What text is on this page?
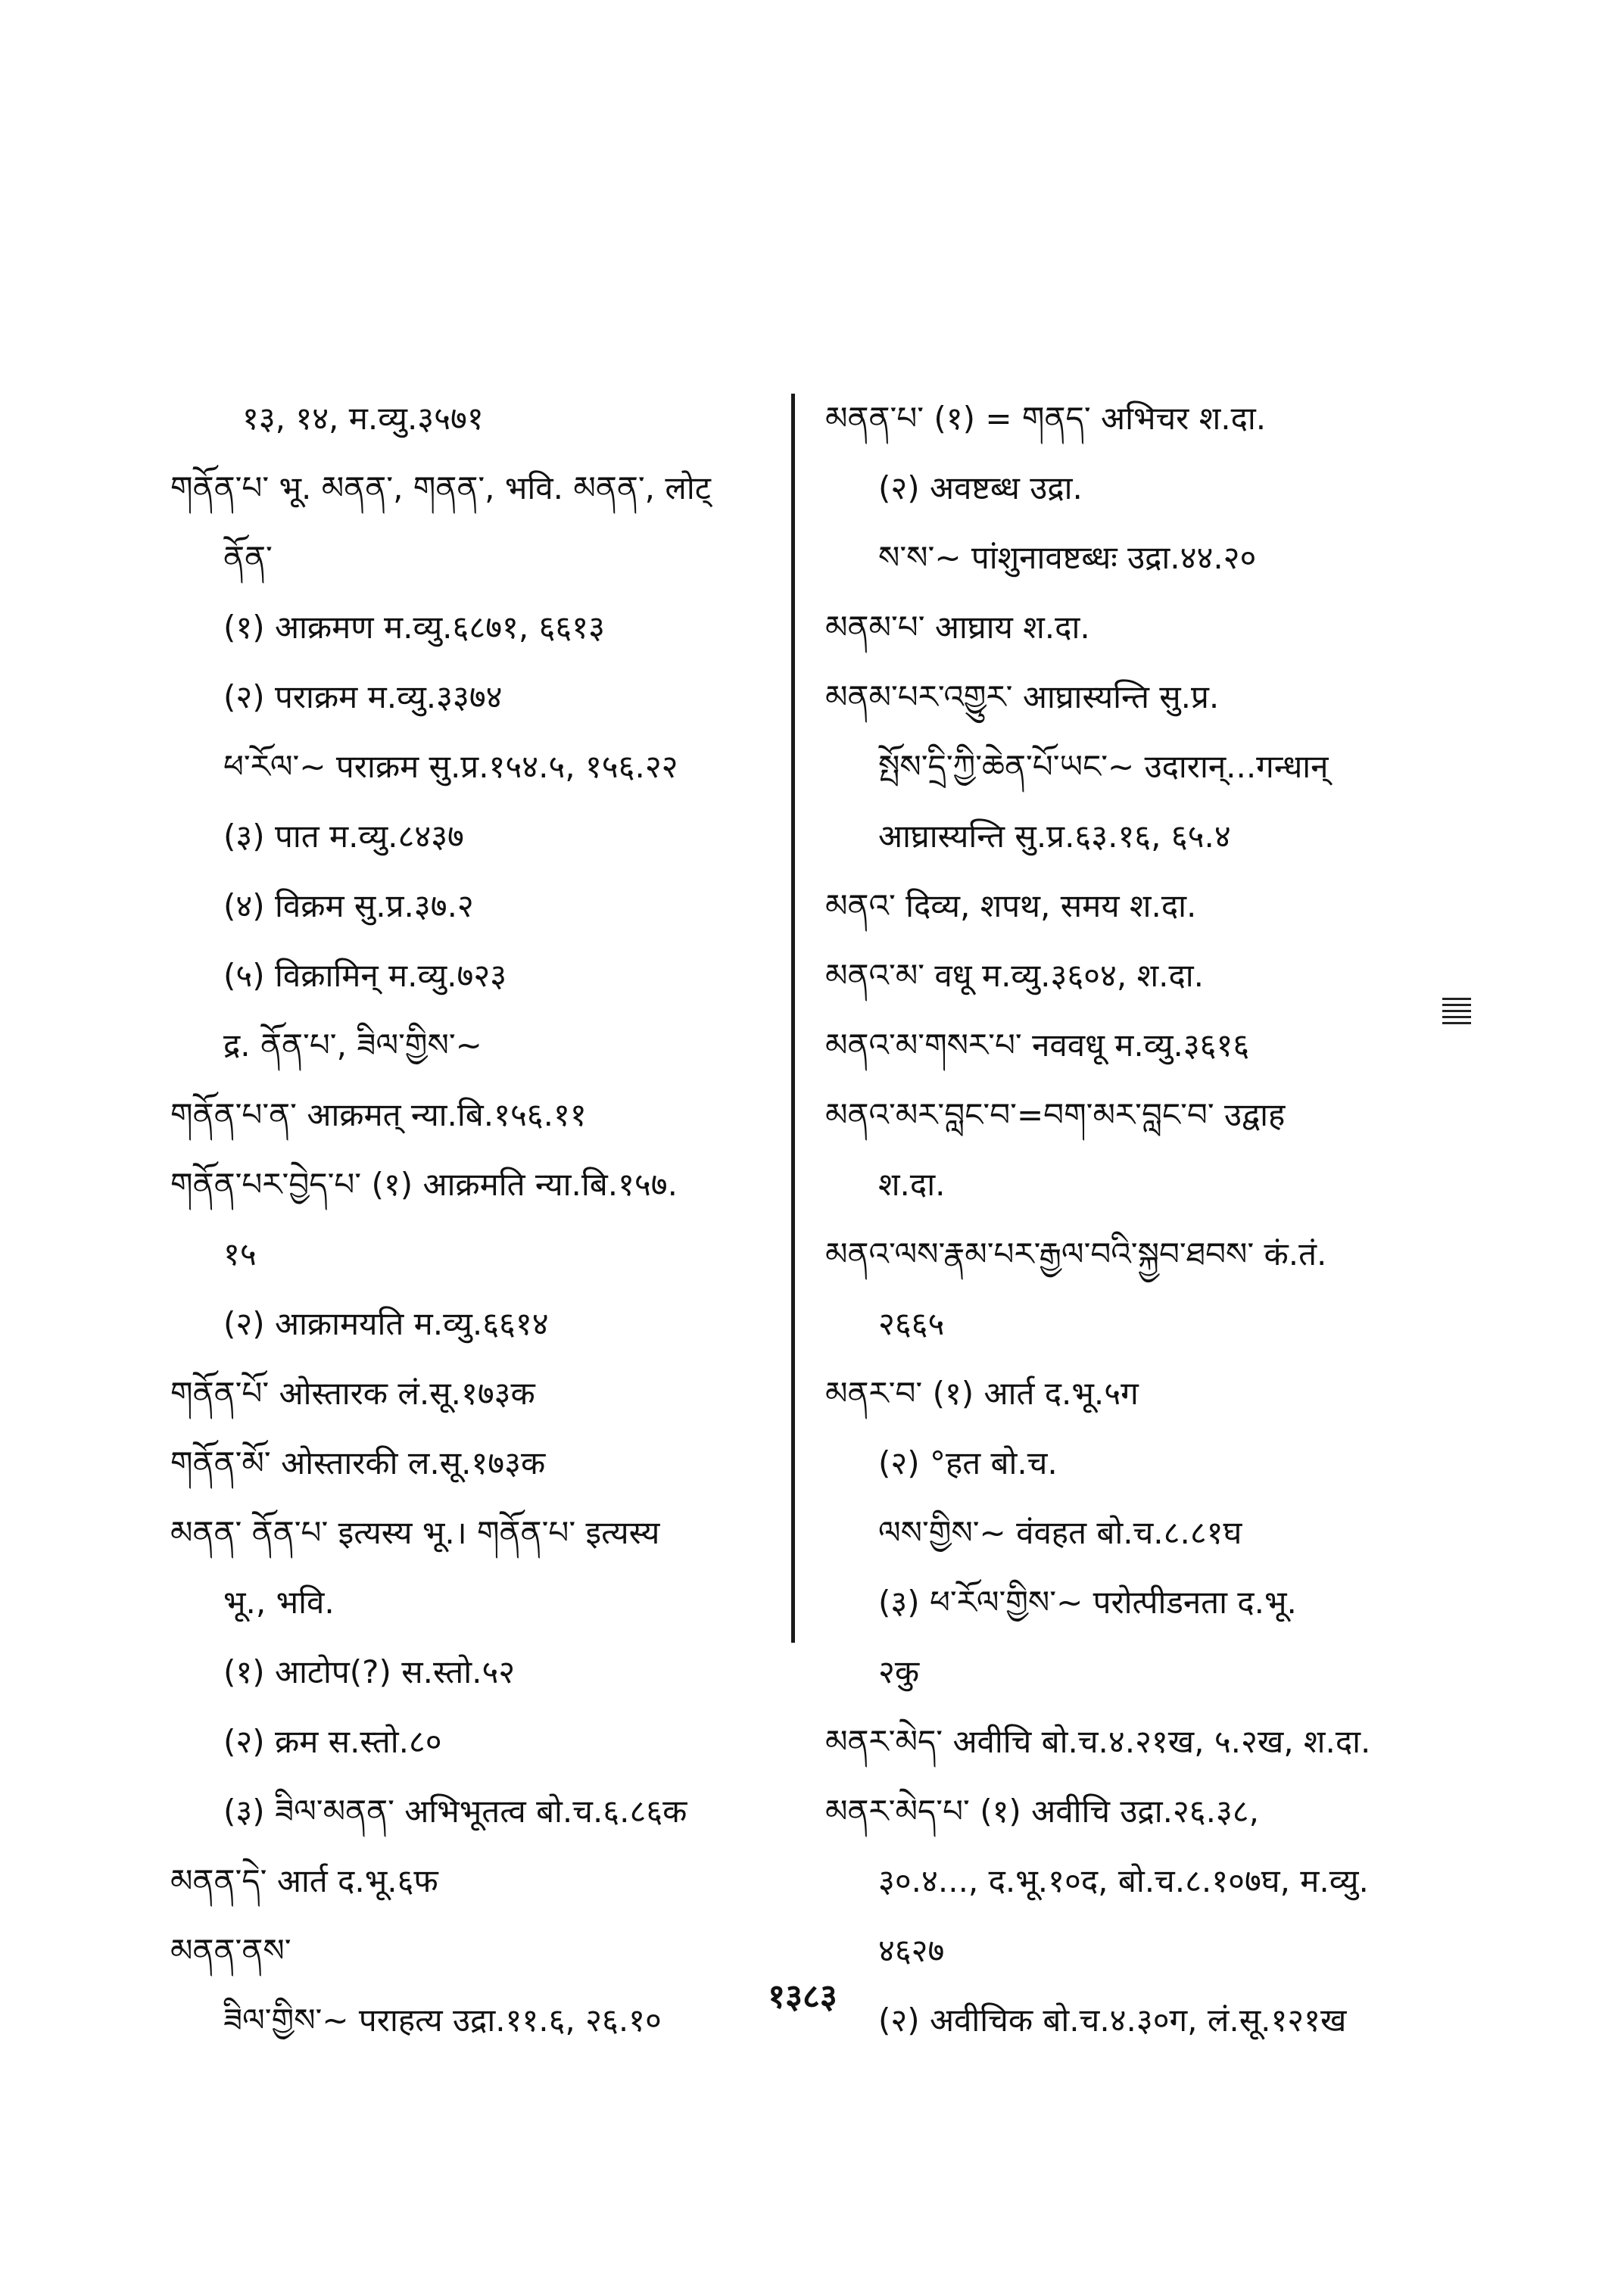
१३, १४, म.व्यु.३५७१
གནོན་པ་ भू. མནན་, གནན་, भवि. མནན་, लोट्
ནོན་
(१) आक्रमण म.व्यु.६८७१, ६६१३
(२) पराक्रम म.व्यु.३३७४
ཕ་རོལ་~ पराक्रम सु.प्र.१५४.५, १५६.२२
(३) पात म.व्यु.८४३७
(४) विक्रम सु.प्र.३७.२
(५) विक्रामिन् म.व्यु.७२३
द्र. ནོན་པ་, ཟིལ་གྱིས་~
གནོན་པ་ན་ आक्रमत् न्या.बि.१५६.११
གནོན་པར་བྱེད་པ་ (१) आक्रमति न्या.बि.१५७.
१५
(२) आक्रामयति म.व्यु.६६१४
གནོན་པོ་ ओस्तारक लं.सू.१७३क
གནོན་མོ་ ओस्तारकी ल.सू.१७३क
མནན་ ནོན་པ་ इत्यस्य भू.। གནོན་པ་ इत्यस्य
भू., भवि.
(१) आटोप(?) स.स्तो.५२
(२) क्रम स.स्तो.८०
(३) ཟིལ་མནན་ अभिभूतत्व बो.च.६.८६क
མནན་དེ་ आर्त द.भू.६फ
མནན་ནས་
ཟིལ་གྱིས་~ पराहत्य उद्रा.११.६, २६.१०
མནན་པ་ (१) = གནད་ अभिचर श.दा.
(२) अवष्टब्ध उद्रा.
ས་ས་~ पांशुनावष्टब्धः उद्रा.४४.२०
མནམ་པ་ आघ्राय श.दा.
མནམ་པར་འགྱུར་ आघ्रास्यन्ति सु.प्र.
སྤོས་དྲི་ཀྱི་ཆེན་པོ་ཡང་~ उदारान्...गन्धान्
आघ्रास्यन्ति सु.प्र.६३.१६, ६५.४
མནའ་ दिव्य, शपथ, समय श.दा.
མནའ་མ་ वधू म.व्यु.३६०४, श.दा.
མནའ་མ་གསར་པ་ नववधू म.व्यु.३६१६
མནའ་མར་བླང་བ་=བག་མར་བླང་བ་ उद्वाह
श.दा.
མནའ་ལས་རྣམ་པར་རྒྱལ་བའི་སྐྱབ་ཐབས་ कं.तं.
२६६५
མནར་བ་ (१) आर्त द.भू.५ग
(२) °हत बो.च.
ལས་གྱིས་~ वंवहत बो.च.८.८१घ
(३) ཕ་རོལ་གྱིས་~ परोत्पीडनता द.भू.
२कु
མནར་མེད་ अवीचि बो.च.४.२१ख, ५.२ख, श.दा.
མནར་མེད་པ་ (१) अवीचि उद्रा.२६.३८,
३०.४..., द.भू.१०द, बो.च.८.१०७घ, म.व्यु.
४६२७
(२) अवीचिक बो.च.४.३०ग, लं.सू.१२१ख
१३८३
